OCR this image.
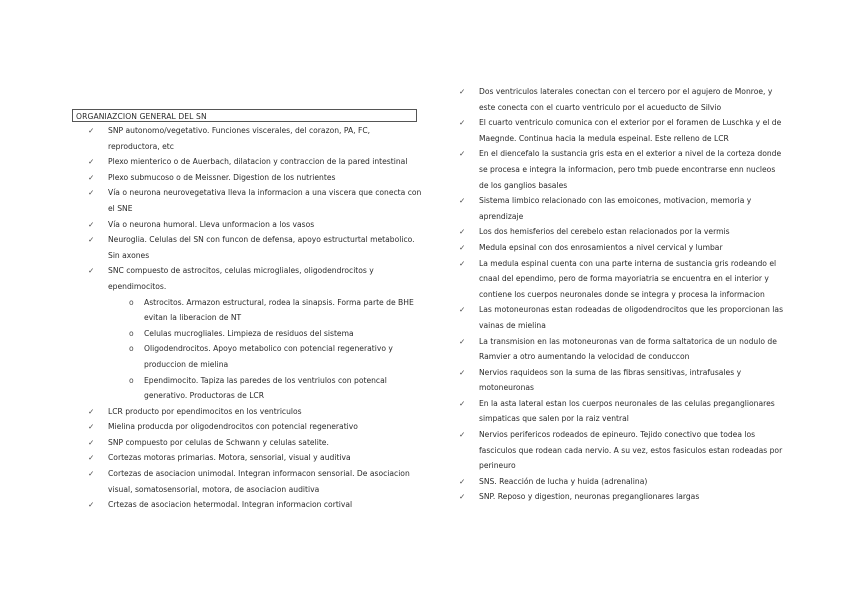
ORGANIAZCION GENERAL DEL SN
✓ SNP autonomo/vegetativo. Funciones viscerales, del corazon, PA, FC, reproductora, etc
✓ Plexo mienterico o de Auerbach, dilatacion y contraccion de la pared intestinal
✓ Plexo submucoso o de Meissner. Digestion de los nutrientes
✓ Vía o neurona neurovegetativa lleva la informacion a una viscera que conecta con el SNE
✓ Vía o neurona humoral. Lleva unformacion a los vasos
✓ Neuroglia. Celulas del SN con funcon de defensa, apoyo estructurtal metabolico. Sin axones
✓ SNC compuesto de astrocitos, celulas microgliales, oligodendrocitos y ependimocitos.
o Astrocitos. Armazon estructural, rodea la sinapsis. Forma parte de BHE evitan la liberacion de NT
o Celulas mucrogliales. Limpieza de residuos del sistema
o Oligodendrocitos. Apoyo metabolico con potencial regenerativo y produccion de mielina
o Ependimocito. Tapiza las paredes de los ventriulos con potencal generativo. Productoras de LCR
✓ LCR producto por ependimocitos en los ventriculos
✓ Mielina producda por oligodendrocitos con potencial regenerativo
✓ SNP compuesto por celulas de Schwann y celulas satelite.
✓ Cortezas motoras primarias. Motora, sensorial, visual y auditiva
✓ Cortezas de asociacion unimodal. Integran informacon sensorial. De asociacion visual, somatosensorial, motora, de asociacion auditiva
✓ Crtezas de asociacion hetermodal. Integran informacion cortival
✓ Dos ventriculos laterales conectan con el tercero por el agujero de Monroe, y este conecta con el cuarto ventriculo por el acueducto de Silvio
✓ El cuarto ventriculo comunica con el exterior por el foramen de Luschka y el de Maegnde. Continua hacia la medula espeinal. Este relleno de LCR
✓ En el diencefalo la sustancia gris esta en el exterior a nivel de la corteza donde se procesa e integra la informacion, pero tmb puede encontrarse enn nucleos de los ganglios basales
✓ Sistema limbico relacionado con las emoicones, motivacion, memoria y aprendizaje
✓ Los dos hemisferios del cerebelo estan relacionados por la vermis
✓ Medula epsinal con dos enrosamientos a nivel cervical y lumbar
✓ La medula espinal cuenta con una parte interna de sustancia gris rodeando el cnaal del ependimo, pero de forma mayoriatria se encuentra en el interior y contiene los cuerpos neuronales donde se integra y procesa la informacion
✓ Las motoneuronas estan rodeadas de oligodendrocitos que les proporcionan las vainas de mielina
✓ La transmision en las motoneuronas van de forma saltatorica de un nodulo de Ramvier a otro aumentando la velocidad de conduccon
✓ Nervios raquideos son la suma de las fibras sensitivas, intrafusales y motoneuronas
✓ En la asta lateral estan los cuerpos neuronales de las celulas preganglionares simpaticas que salen por la raiz ventral
✓ Nervios perifericos rodeados de epineuro. Tejido conectivo que todea los fasciculos que rodean cada nervio. A su vez, estos fasiculos estan rodeadas por perineuro
✓ SNS. Reacción de lucha y huida (adrenalina)
✓ SNP. Reposo y digestion, neuronas preganglionares largas
